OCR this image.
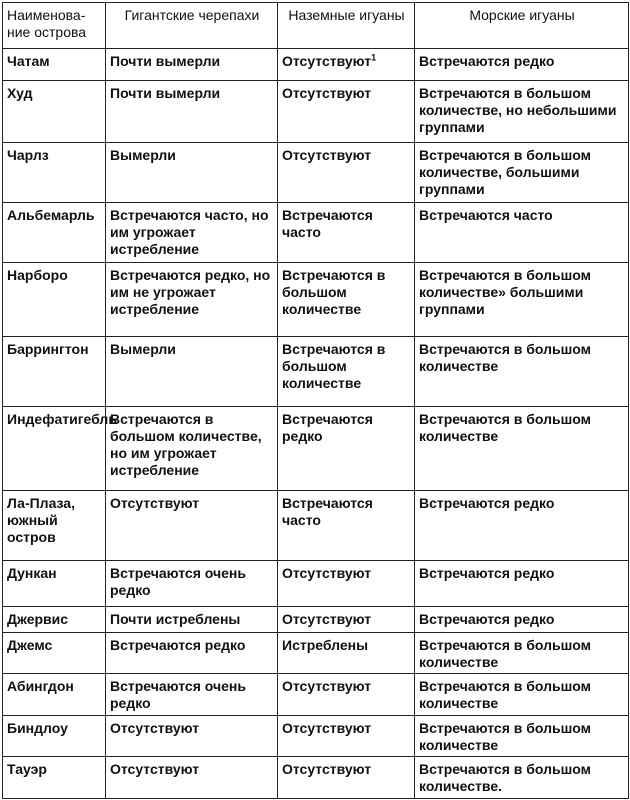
Наименова-ние острова	Гигантские черепахи	Наземные игуаны	Морские игуаны
Чатам	Почти вымерли	Отсутствуют$^1$	Встречаются редко
Худ	Почти вымерли	Отсутствуют	Встречаются в большом количестве, но небольшими группами
Чарлз	Вымерли	Отсутствуют	Встречаются в большом количестве, большими группами
Альбемарль	Встречаются часто, но им угрожает истребление	Встречаются часто	Встречаются часто
Нарборо	Встречаются редко, но им не угрожает истребление	Встречаются в большом количестве	Встречаются в большом количестве» большими группами
Баррингтон	Вымерли	Встречаются в большом количестве	Встречаются в большом количестве
Индефатигебль	Встречаются в большом количестве, но им угрожает истребление	Встречаются редко	Встречаются в большом количестве
Ла-Плаза, южный остров	Отсутствуют	Встречаются часто	Встречаются редко
Дункан	Встречаются очень редко	Отсутствуют	Встречаются редко
Джервис	Почти истреблены	Отсутствуют	Встречаются редко
Джемс	Встречаются редко	Истреблены	Встречаются в большом количестве
Абингдон	Встречаются очень редко	Отсутствуют	Встречаются в большом количестве
Биндлоу	Отсутствуют	Отсутствуют	Встречаются в большом количестве
Тауэр	Отсутствуют	Отсутствуют	Встречаются в большом количестве.
